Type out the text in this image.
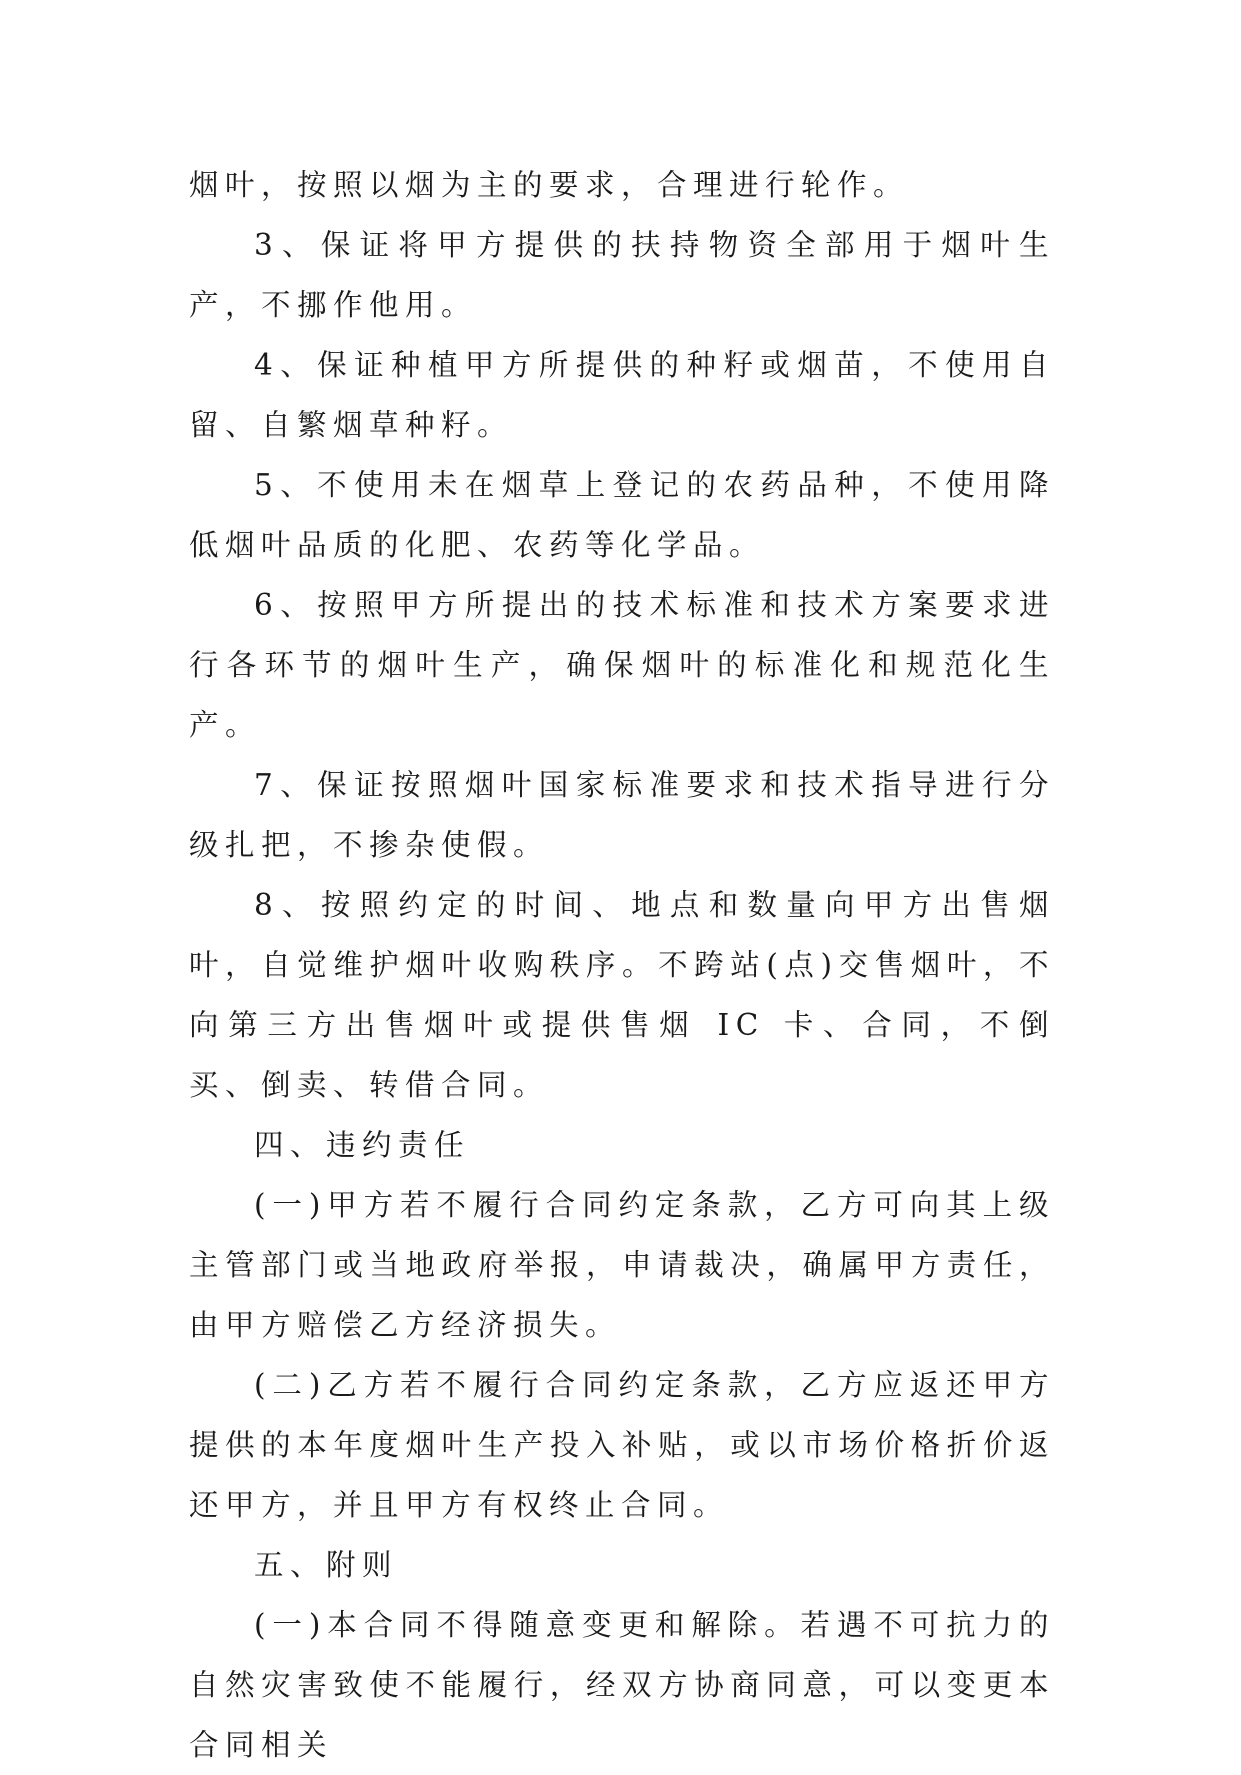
烟叶，按照以烟为主的要求，合理进行轮作。

3、保证将甲方提供的扶持物资全部用于烟叶生产，不挪作他用。

4、保证种植甲方所提供的种籽或烟苗，不使用自留、自繁烟草种籽。

5、不使用未在烟草上登记的农药品种，不使用降低烟叶品质的化肥、农药等化学品。

6、按照甲方所提出的技术标准和技术方案要求进行各环节的烟叶生产，确保烟叶的标准化和规范化生产。

7、保证按照烟叶国家标准要求和技术指导进行分级扎把，不掺杂使假。

8、按照约定的时间、地点和数量向甲方出售烟叶，自觉维护烟叶收购秩序。不跨站(点)交售烟叶，不向第三方出售烟叶或提供售烟 IC 卡、合同，不倒买、倒卖、转借合同。

四、违约责任

(一)甲方若不履行合同约定条款，乙方可向其上级主管部门或当地政府举报，申请裁决，确属甲方责任，由甲方赔偿乙方经济损失。

(二)乙方若不履行合同约定条款，乙方应返还甲方提供的本年度烟叶生产投入补贴，或以市场价格折价返还甲方，并且甲方有权终止合同。

五、附则

(一)本合同不得随意变更和解除。若遇不可抗力的自然灾害致使不能履行，经双方协商同意，可以变更本合同相关
